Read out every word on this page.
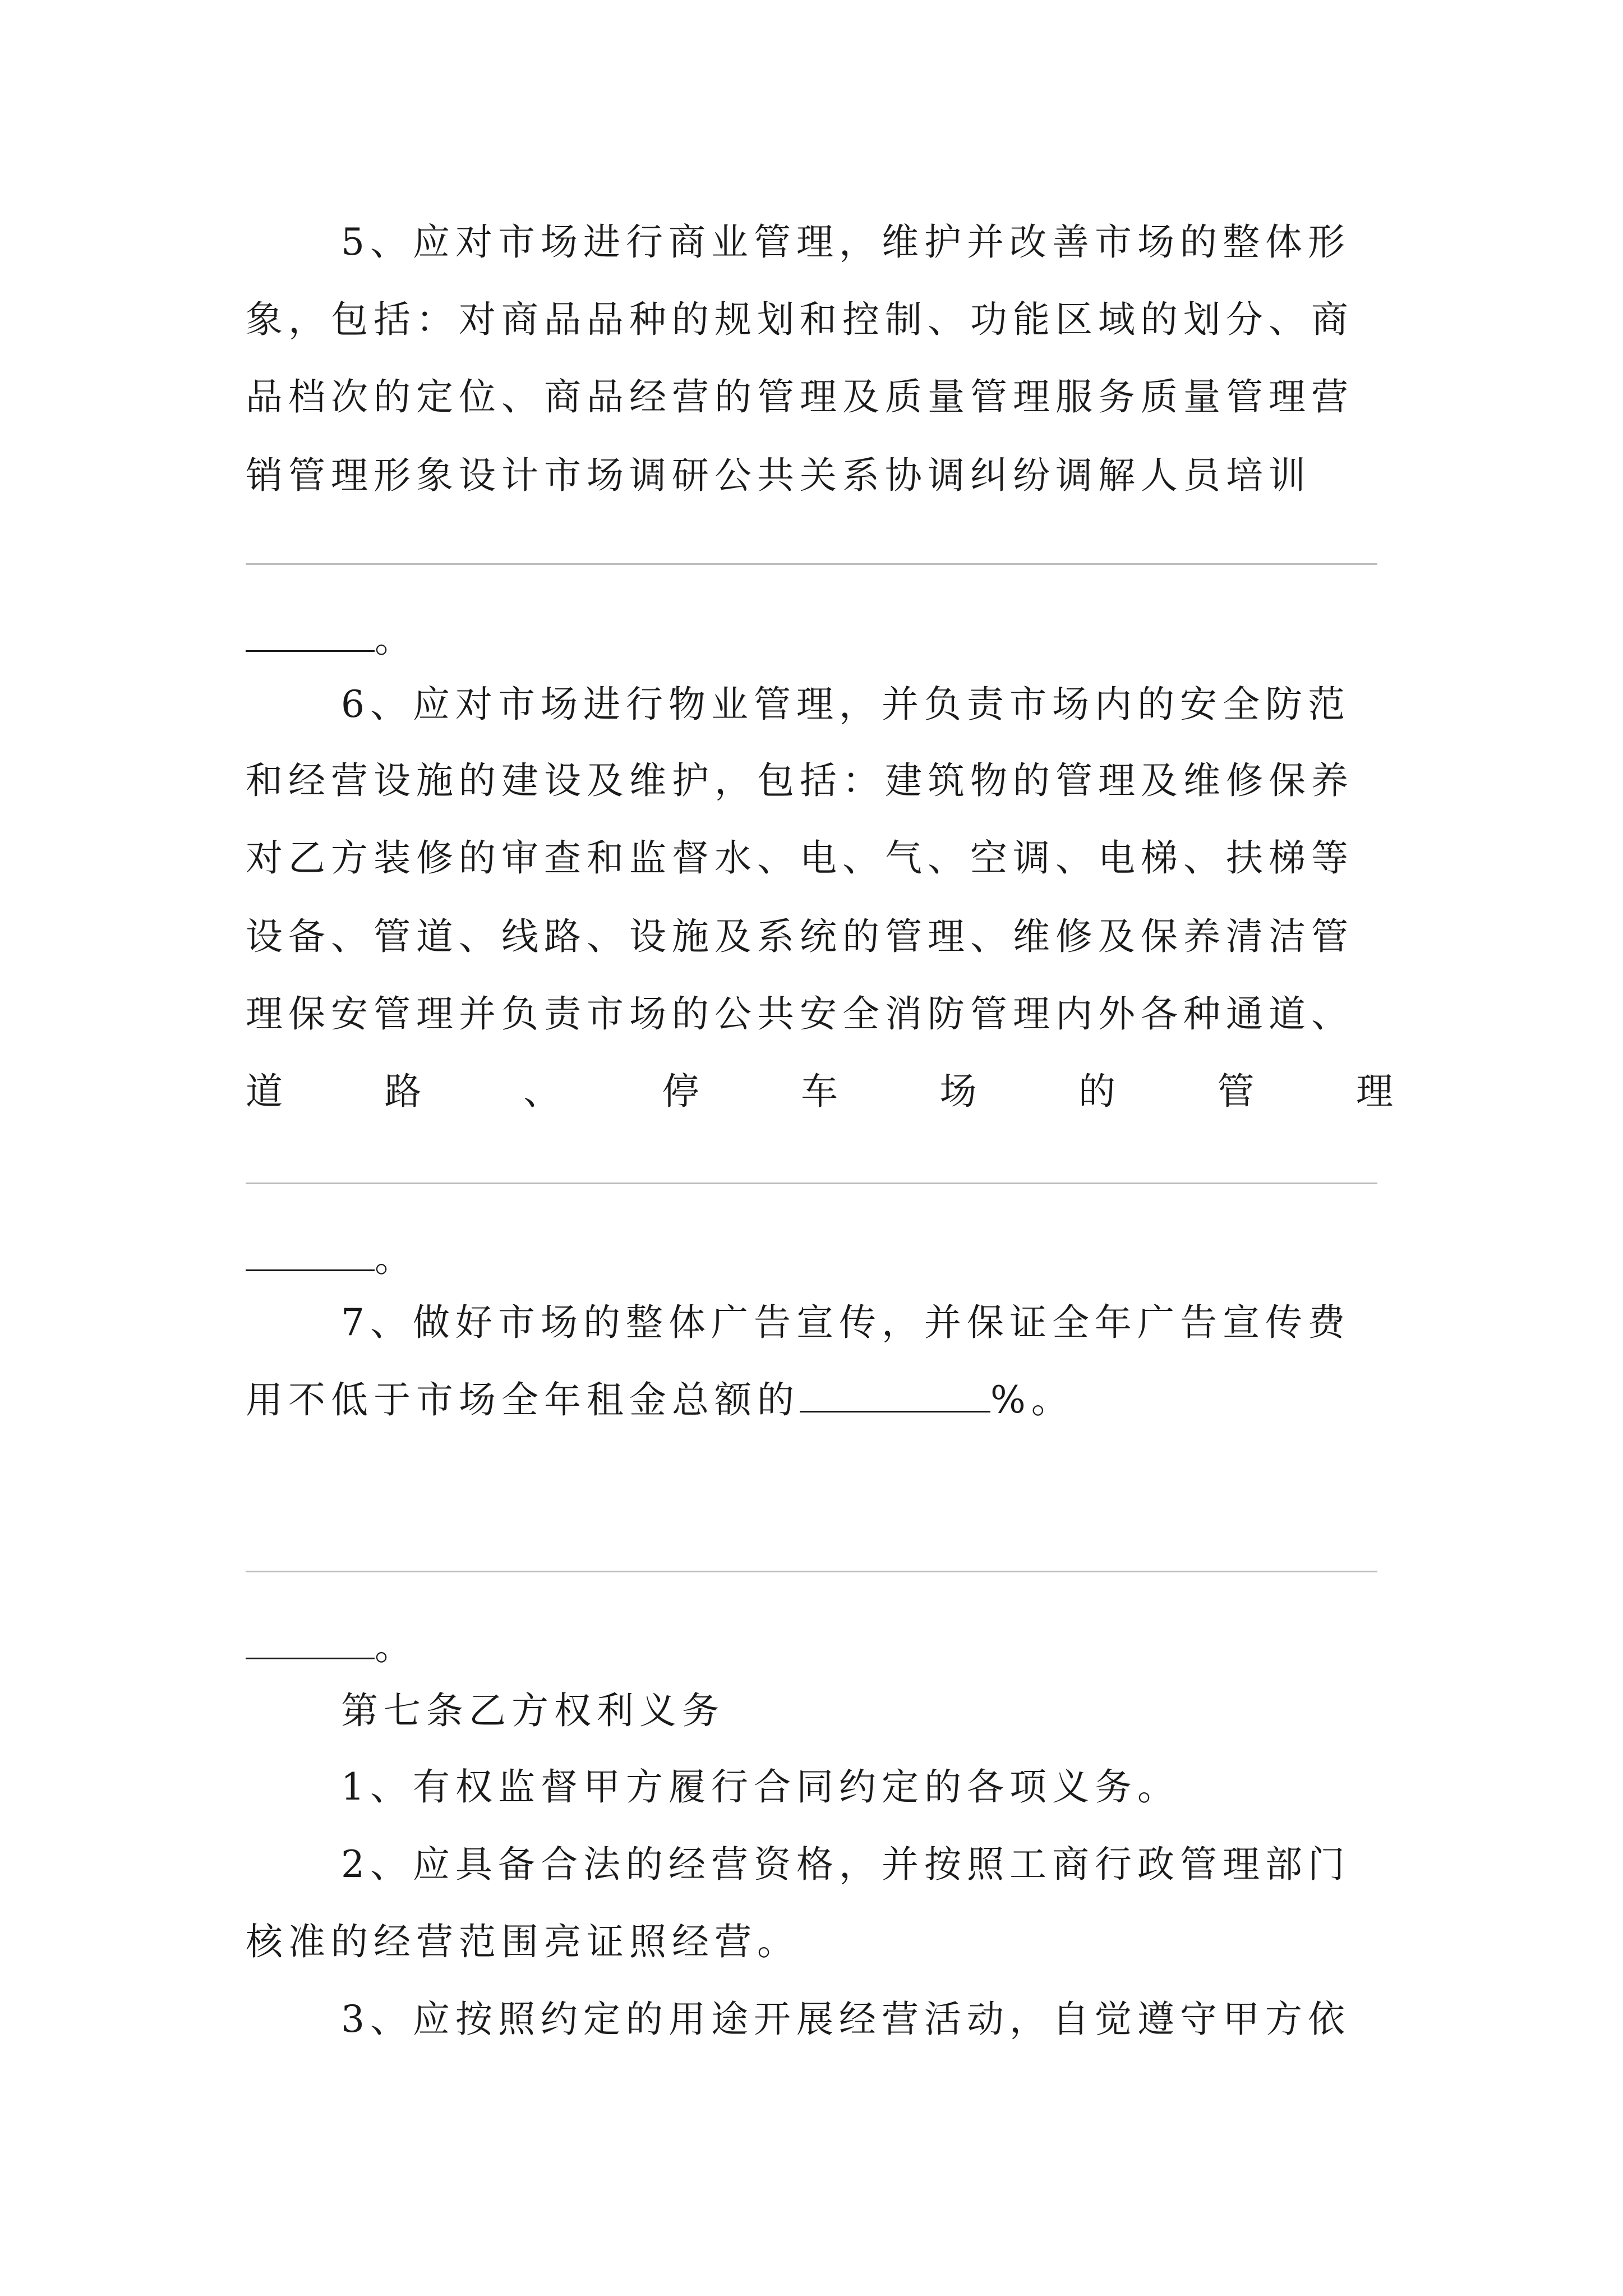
5、应对市场进行商业管理，维护并改善市场的整体形
象，包括：对商品品种的规划和控制、功能区域的划分、商
品档次的定位、商品经营的管理及质量管理服务质量管理营
销管理形象设计市场调研公共关系协调纠纷调解人员培训
。
6、应对市场进行物业管理，并负责市场内的安全防范
和经营设施的建设及维护，包括：建筑物的管理及维修保养
对乙方装修的审查和监督水、电、气、空调、电梯、扶梯等
设备、管道、线路、设施及系统的管理、维修及保养清洁管
理保安管理并负责市场的公共安全消防管理内外各种通道、
道	路	、	停	车	场	的	管	理
。
7、做好市场的整体广告宣传，并保证全年广告宣传费
用不低于市场全年租金总额的	%。
。
第七条乙方权利义务
1、有权监督甲方履行合同约定的各项义务。
2、应具备合法的经营资格，并按照工商行政管理部门
核准的经营范围亮证照经营。
3、应按照约定的用途开展经营活动，自觉遵守甲方依
